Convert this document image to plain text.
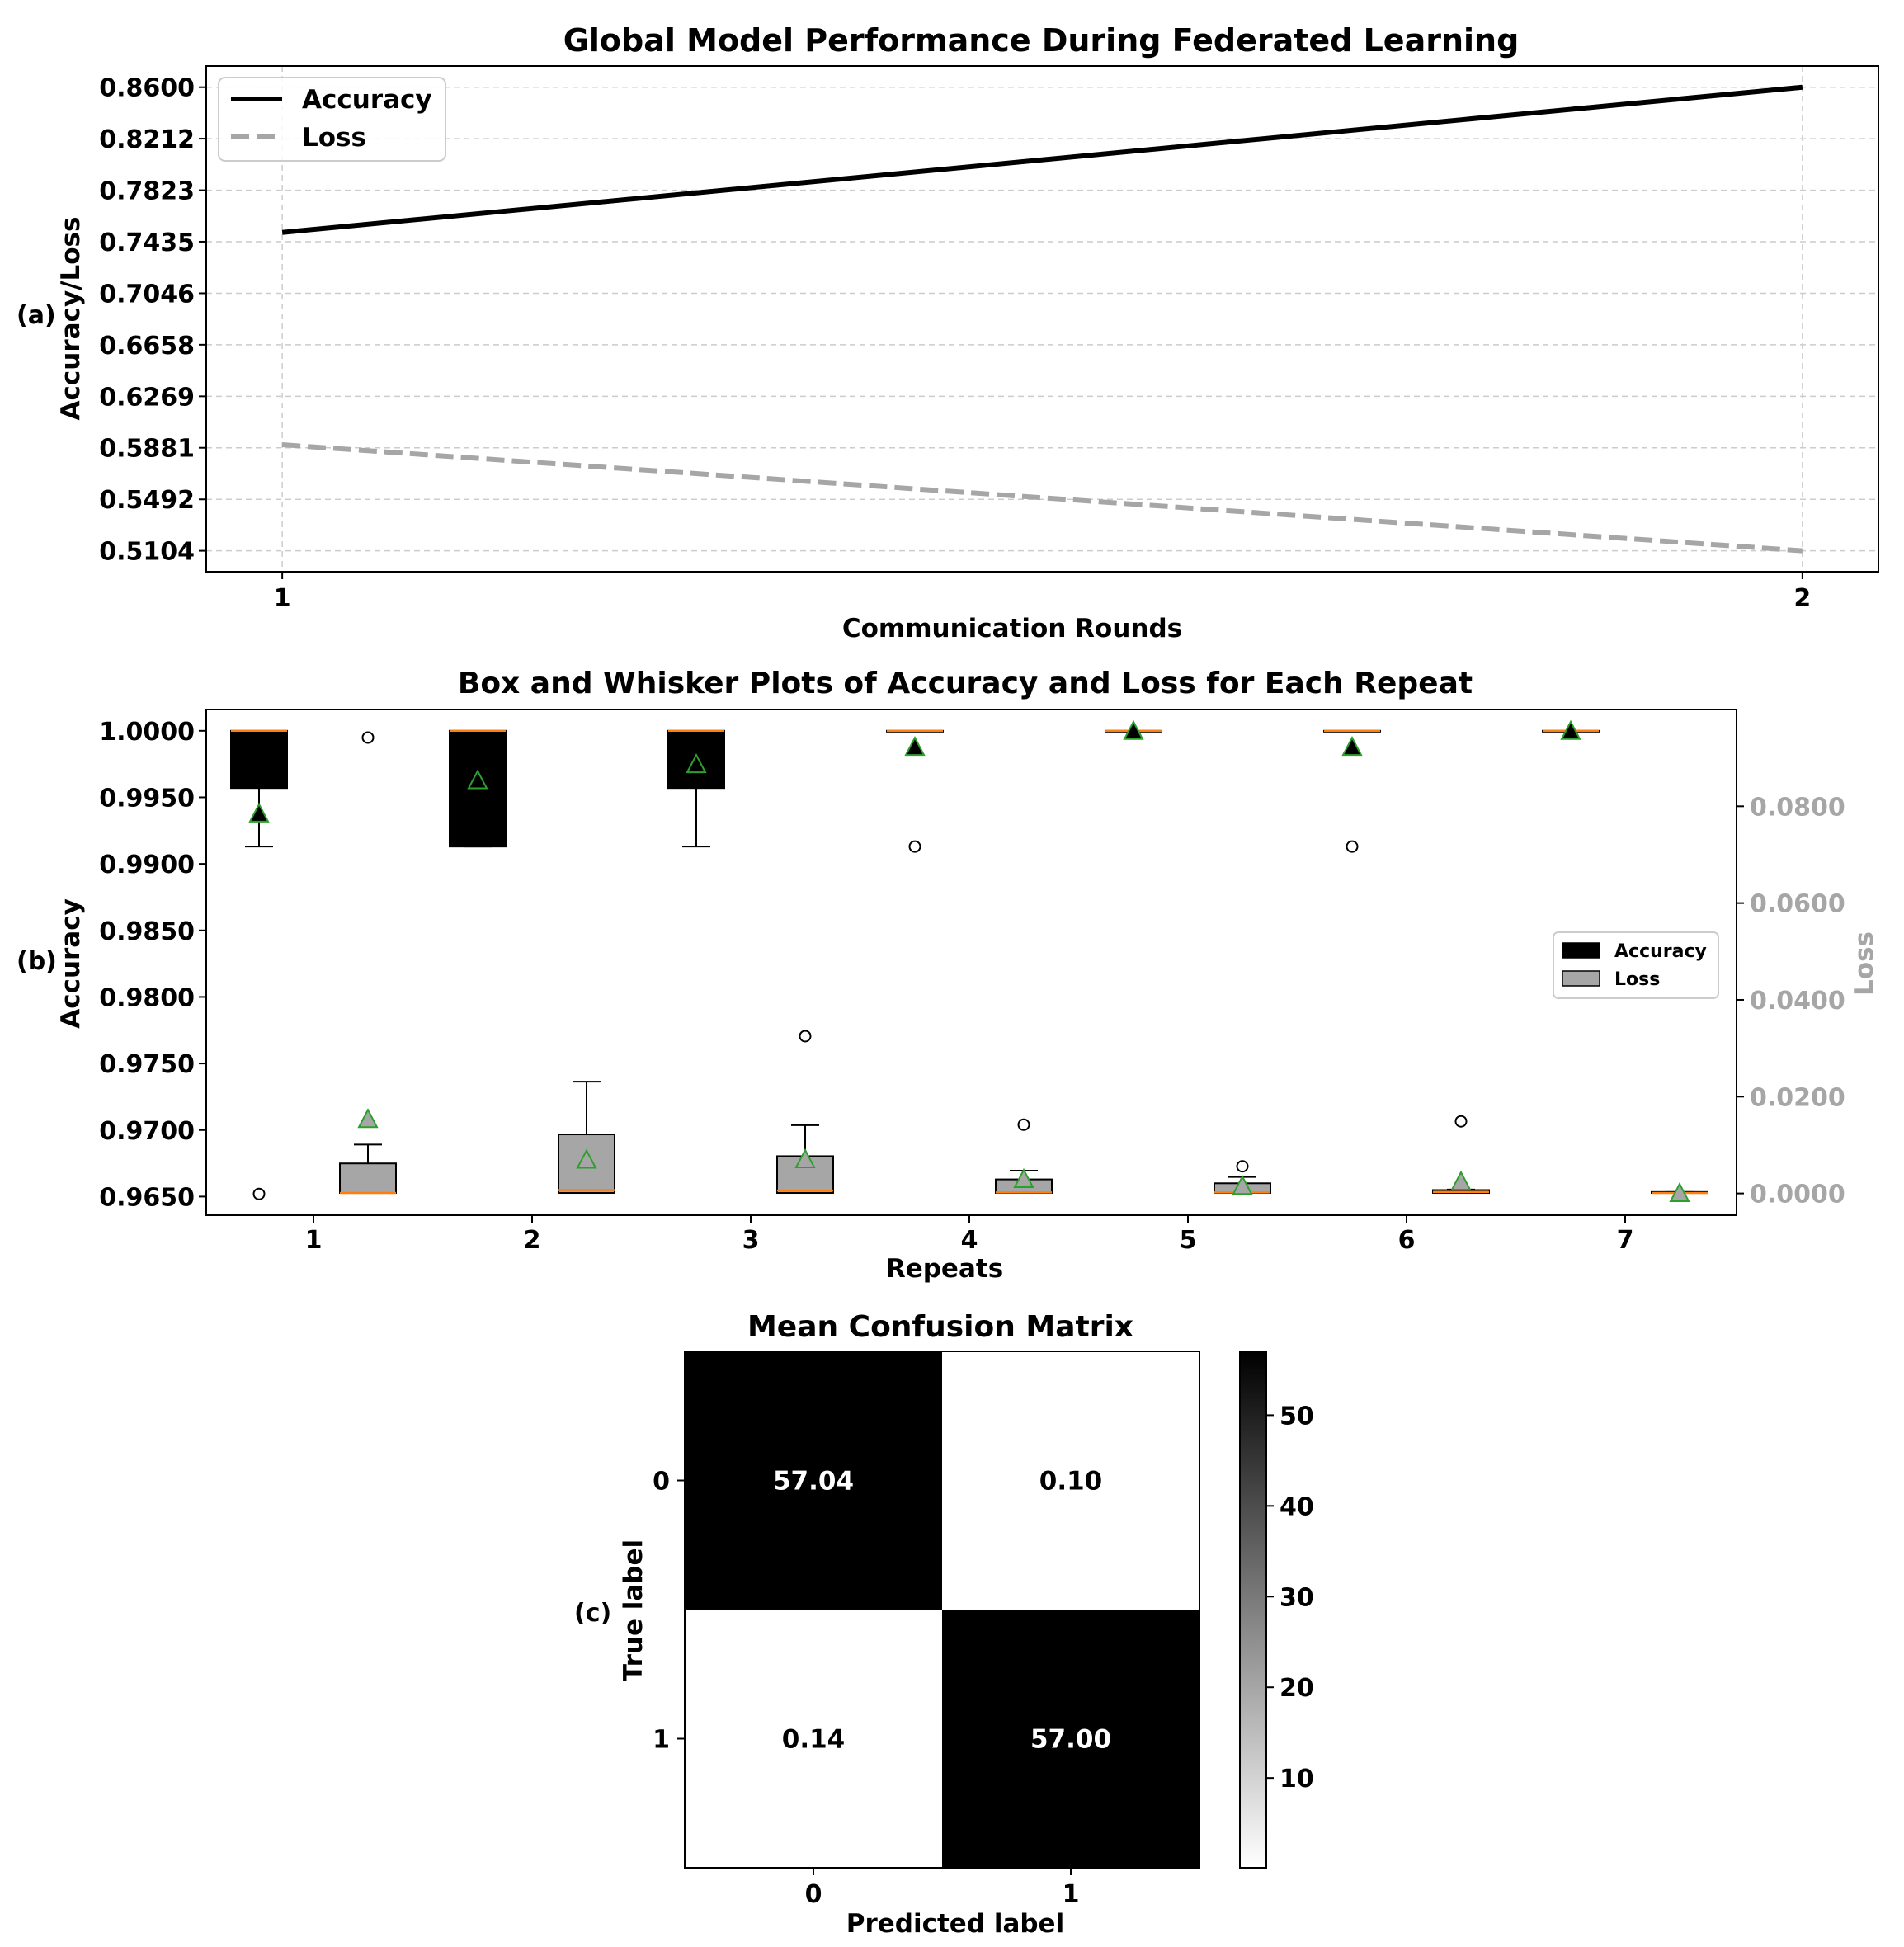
(a)
Global Model Performance During Federated Learning
0.5104
0.5492
0.5881
0.6269
0.6658
0.7046
0.7435
0.7823
0.8212
0.8600
1	2
Communication Rounds
Accuracy/Loss
Accuracy
Loss
(b)
Box and Whisker Plots of Accuracy and Loss for Each Repeat
0.9650
0.9700
0.9750
0.9800
0.9850
0.9900
0.9950
1.0000
0.0000
0.0200
0.0400
0.0600
0.0800
1	2	3	4	5	6	7
Repeats
Accuracy	Loss
Accuracy
Loss
(c)
Mean Confusion Matrix
57.04	0.10
0.14	57.00
0	1
0
1
Predicted label
True label
10
20
30
40
50
